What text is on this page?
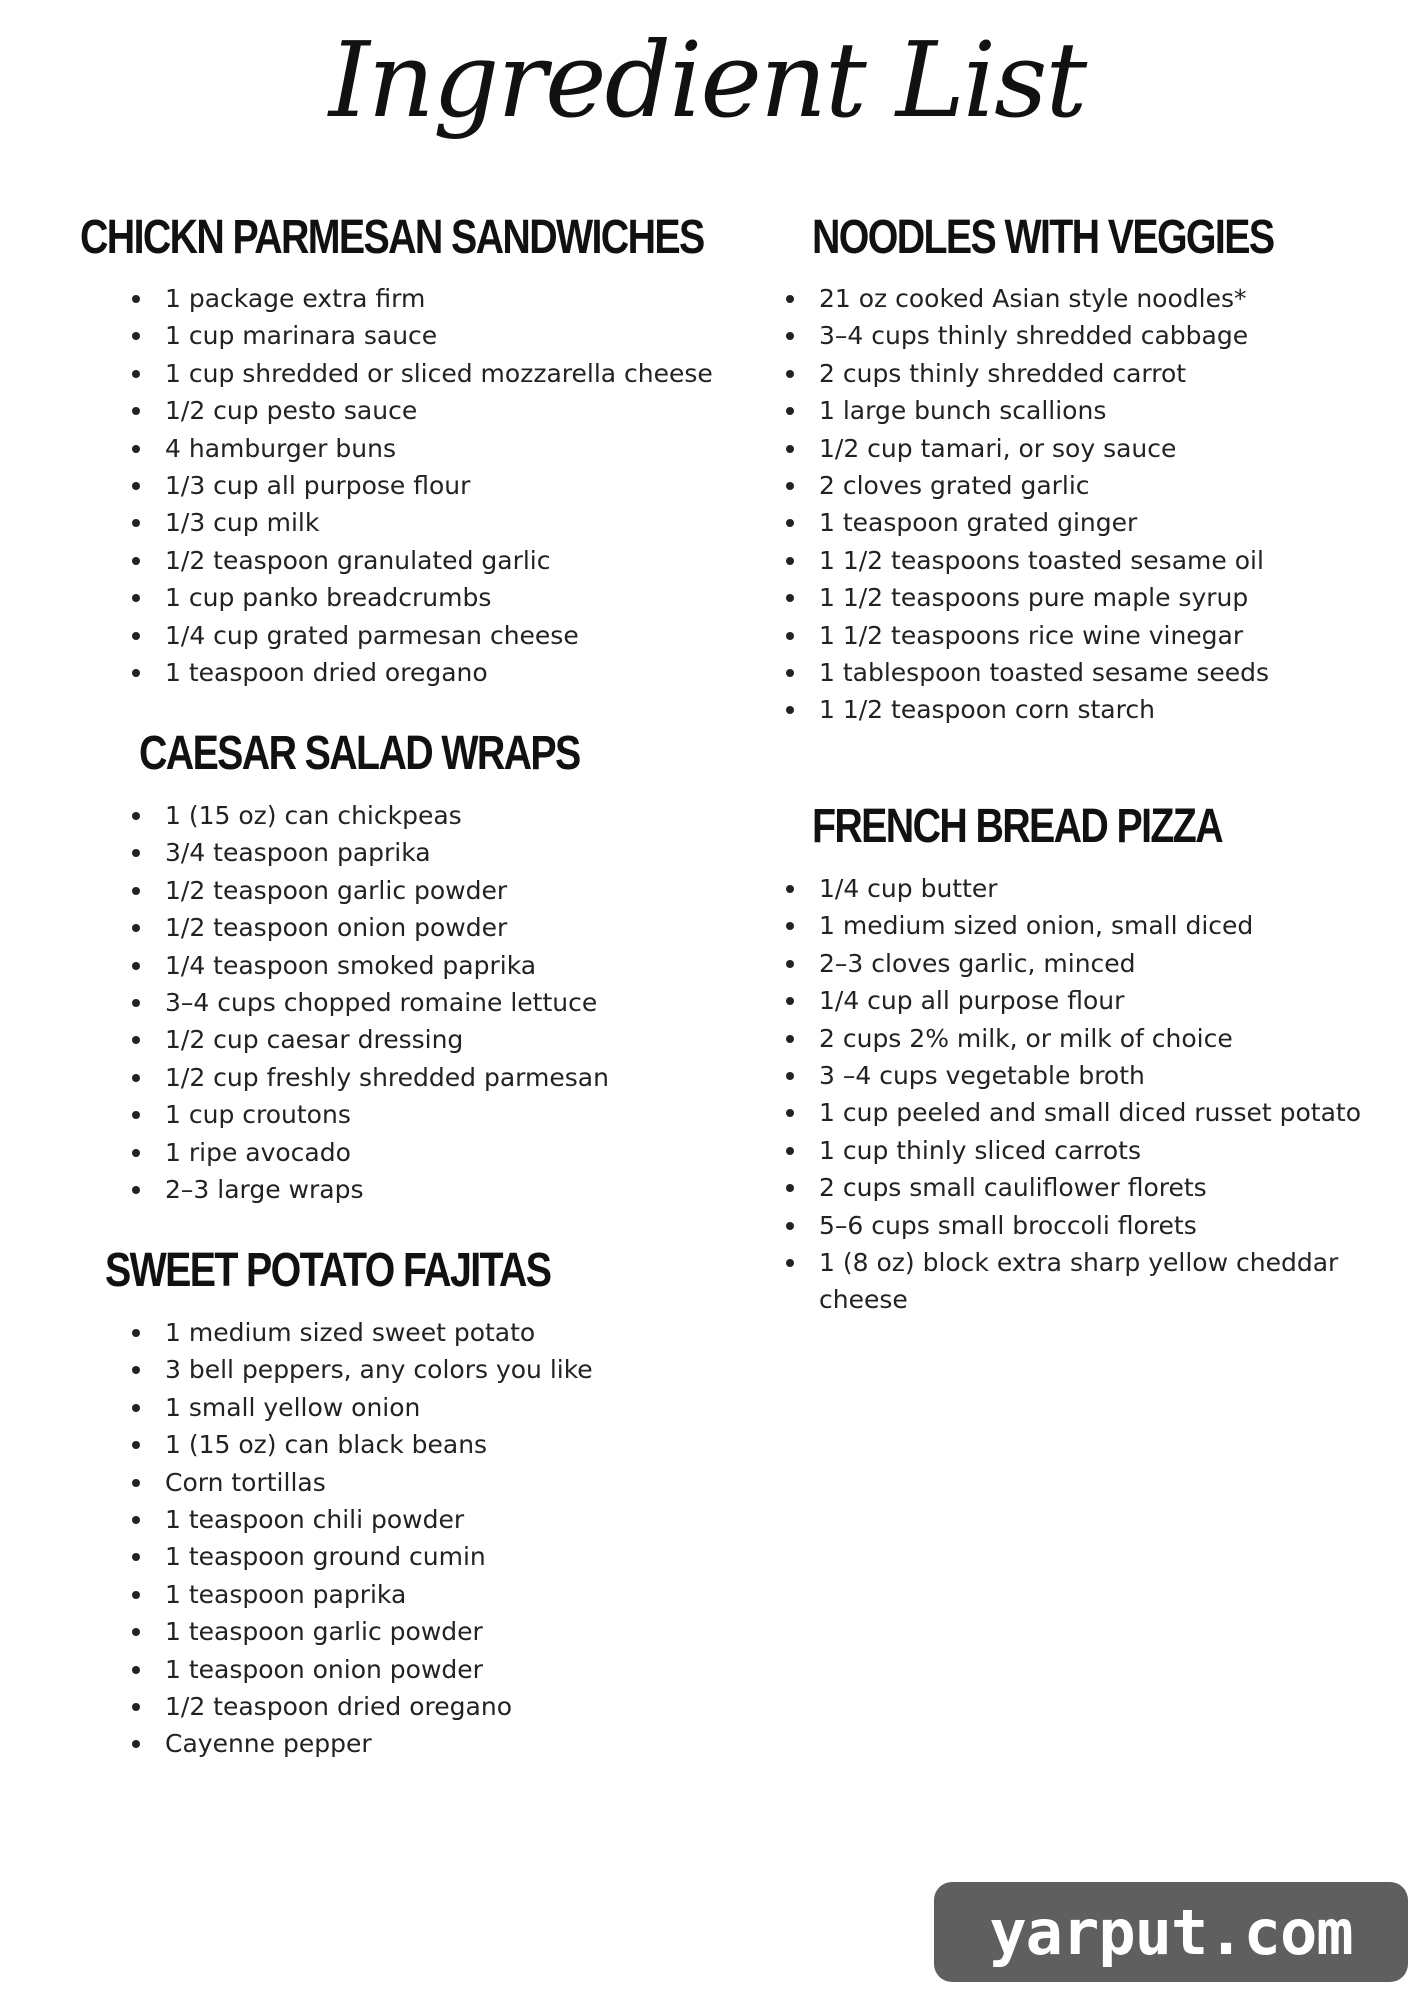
Ingredient List
CHICKN PARMESAN SANDWICHES
1 package extra firm
1 cup marinara sauce
1 cup shredded or sliced mozzarella cheese
1/2 cup pesto sauce
4 hamburger buns
1/3 cup all purpose flour
1/3 cup milk
1/2 teaspoon granulated garlic
1 cup panko breadcrumbs
1/4 cup grated parmesan cheese
1 teaspoon dried oregano
CAESAR SALAD WRAPS
1 (15 oz) can chickpeas
3/4 teaspoon paprika
1/2 teaspoon garlic powder
1/2 teaspoon onion powder
1/4 teaspoon smoked paprika
3–4 cups chopped romaine lettuce
1/2 cup caesar dressing
1/2 cup freshly shredded parmesan
1 cup croutons
1 ripe avocado
2–3 large wraps
SWEET POTATO FAJITAS
1 medium sized sweet potato
3 bell peppers, any colors you like
1 small yellow onion
1 (15 oz) can black beans
Corn tortillas
1 teaspoon chili powder
1 teaspoon ground cumin
1 teaspoon paprika
1 teaspoon garlic powder
1 teaspoon onion powder
1/2 teaspoon dried oregano
Cayenne pepper
NOODLES WITH VEGGIES
21 oz cooked Asian style noodles*
3–4 cups thinly shredded cabbage
2 cups thinly shredded carrot
1 large bunch scallions
1/2 cup tamari, or soy sauce
2 cloves grated garlic
1 teaspoon grated ginger
1 1/2 teaspoons toasted sesame oil
1 1/2 teaspoons pure maple syrup
1 1/2 teaspoons rice wine vinegar
1 tablespoon toasted sesame seeds
1 1/2 teaspoon corn starch
FRENCH BREAD PIZZA
1/4 cup butter
1 medium sized onion, small diced
2–3 cloves garlic, minced
1/4 cup all purpose flour
2 cups 2% milk, or milk of choice
3 –4 cups vegetable broth
1 cup peeled and small diced russet potato
1 cup thinly sliced carrots
2 cups small cauliflower florets
5–6 cups small broccoli florets
1 (8 oz) block extra sharp yellow cheddar cheese
yarput.com
